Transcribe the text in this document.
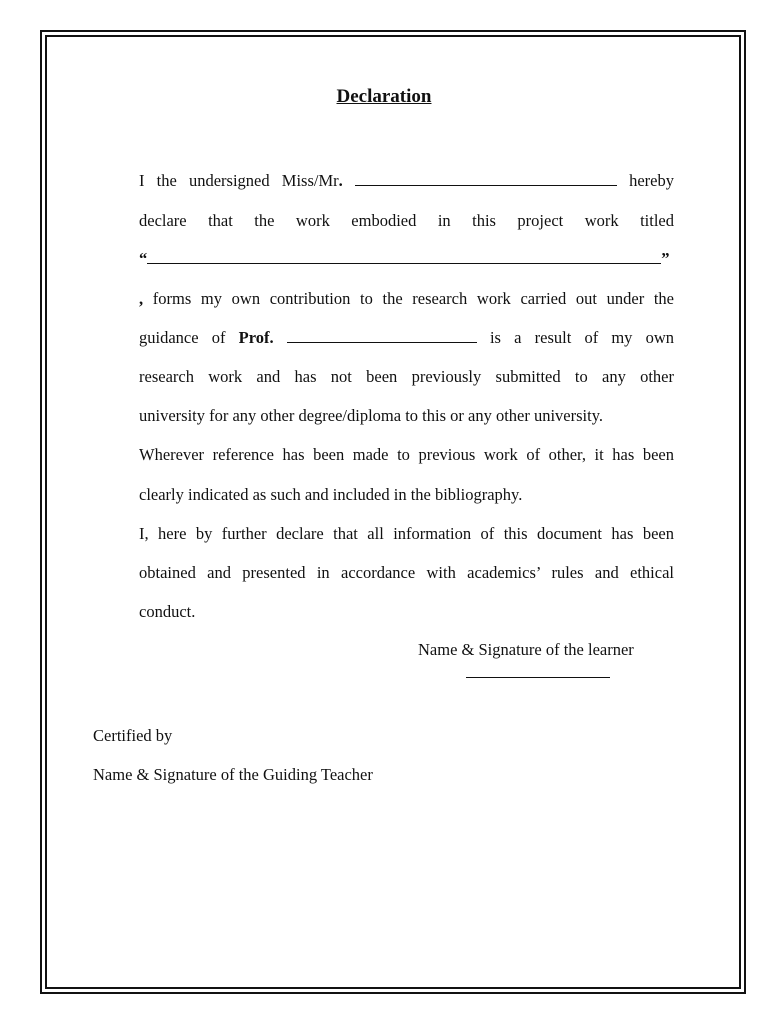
Declaration
I the undersigned Miss/Mr.	hereby
declare that the work embodied in this project work titled
“	”
, forms my own contribution to the research work carried out under the
guidance of Prof.	is a result of my own
research work and has not been previously submitted to any other
university for any other degree/diploma to this or any other university.
Wherever reference has been made to previous work of other, it has been
clearly indicated as such and included in the bibliography.
I, here by further declare that all information of this document has been
obtained and presented in accordance with academics’ rules and ethical
conduct.
Name & Signature of the learner
Certified by
Name & Signature of the Guiding Teacher
